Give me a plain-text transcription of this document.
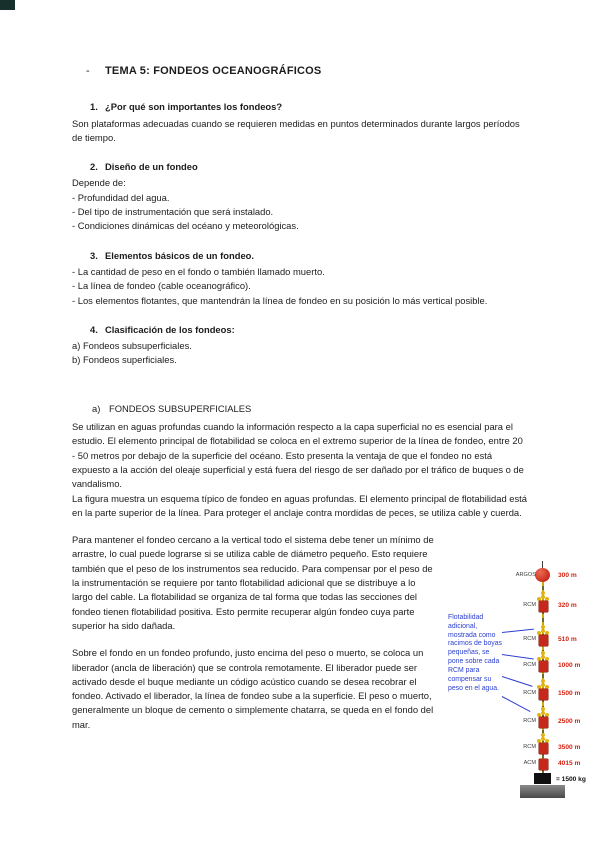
- TEMA 5: FONDEOS OCEANOGRÁFICOS
1. ¿Por qué son importantes los fondeos?

Son plataformas adecuadas cuando se requieren medidas en puntos determinados durante largos períodos de tiempo.

2. Diseño de un fondeo

Depende de:

- Profundidad del agua.

- Del tipo de instrumentación que será instalado.

- Condiciones dinámicas del océano y meteorológicas.

3. Elementos básicos de un fondeo.

- La cantidad de peso en el fondo o también llamado muerto.

- La línea de fondeo (cable oceanográfico).

- Los elementos flotantes, que mantendrán la línea de fondeo en su posición lo más vertical posible.

4. Clasificación de los fondeos:

a) Fondeos subsuperficiales.

b) Fondeos superficiales.

a) FONDEOS SUBSUPERFICIALES

Se utilizan en aguas profundas cuando la información respecto a la capa superficial no es esencial para el estudio. El elemento principal de flotabilidad se coloca en el extremo superior de la línea de fondeo, entre 20 - 50 metros por debajo de la superficie del océano. Esto presenta la ventaja de que el fondeo no está expuesto a la acción del oleaje superficial y está fuera del riesgo de ser dañado por el tráfico de buques o de vandalismo.

La figura muestra un esquema típico de fondeo en aguas profundas. El elemento principal de flotabilidad está en la parte superior de la línea. Para proteger el anclaje contra mordidas de peces, se utiliza cable y cuerda.

Para mantener el fondeo cercano a la vertical todo el sistema debe tener un mínimo de arrastre, lo cual puede lograrse si se utiliza cable de diámetro pequeño. Esto requiere también que el peso de los instrumentos sea reducido. Para compensar por el peso de la instrumentación se requiere por tanto flotabilidad adicional que se distribuye a lo largo del cable. La flotabilidad se organiza de tal forma que todas las secciones del fondeo tienen flotabilidad positiva. Esto permite recuperar algún fondeo cuya parte superior ha sido dañada.

Sobre el fondo en un fondeo profundo, justo encima del peso o muerto, se coloca un liberador (ancla de liberación) que se controla remotamente. El liberador puede ser activado desde el buque mediante un código acústico cuando se desea recobrar el fondeo. Activado el liberador, la línea de fondeo sube a la superficie. El peso o muerto, generalmente un bloque de cemento o simplemente chatarra, se queda en el fondo del mar.

Flotabilidad adicional, mostrada como racimos de boyas pequeñas, se pone sobre cada RCM para compensar su peso en el agua.
ARGOS	300 m
RCM	320 m
RCM	510 m
RCM	1000 m
RCM	1500 m
RCM	2500 m
RCM	3500 m
ACM	4015 m
= 1500 kg
